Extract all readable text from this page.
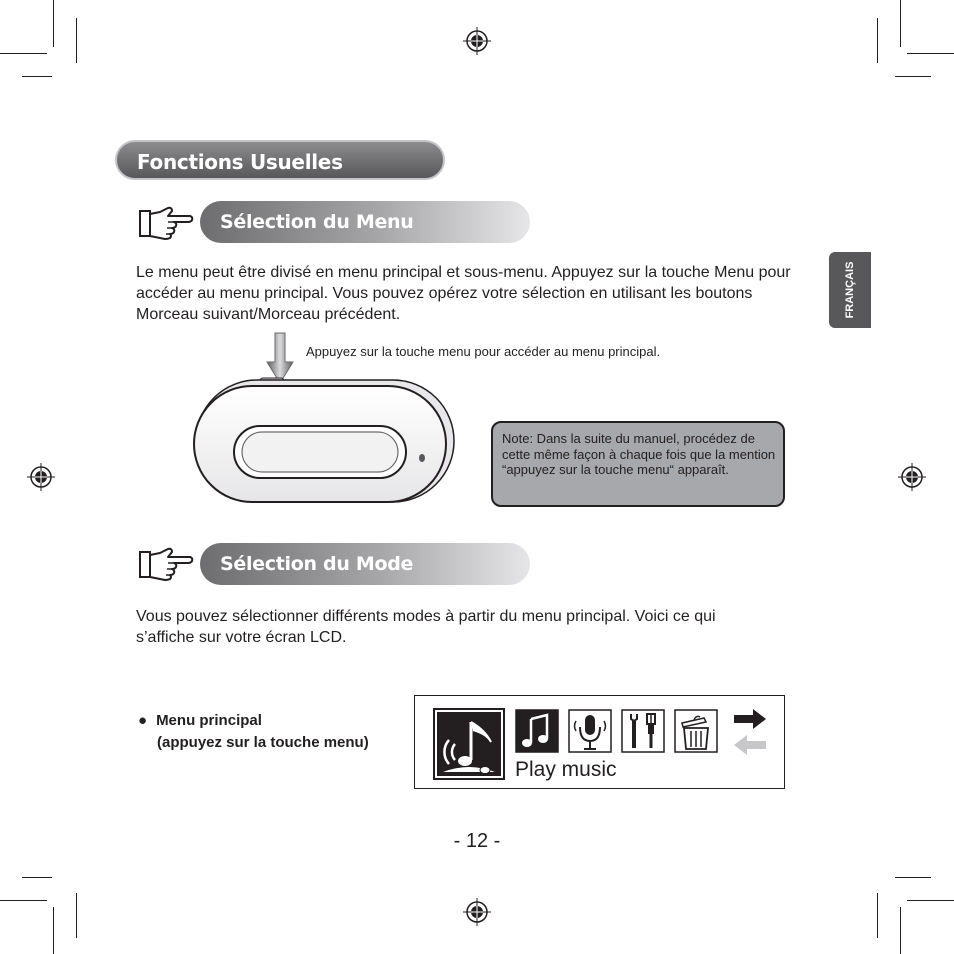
FRANÇAIS
Fonctions Usuelles
Sélection du Menu
Le menu peut être divisé en menu principal et sous-menu. Appuyez sur la touche Menu pour accéder au menu principal. Vous pouvez opérez votre sélection en utilisant les boutons Morceau suivant/Morceau précédent.
Appuyez sur la touche menu pour accéder au menu principal.
Note: Dans la suite du manuel, procédez de cette même façon à chaque fois que la mention “appuyez sur la touche menu“ apparaît.
Sélection du Mode
Vous pouvez sélectionner différents modes à partir du menu principal. Voici ce qui s’affiche sur votre écran LCD.
● Menu principal
(appuyez sur la touche menu)
Play music
- 12 -
